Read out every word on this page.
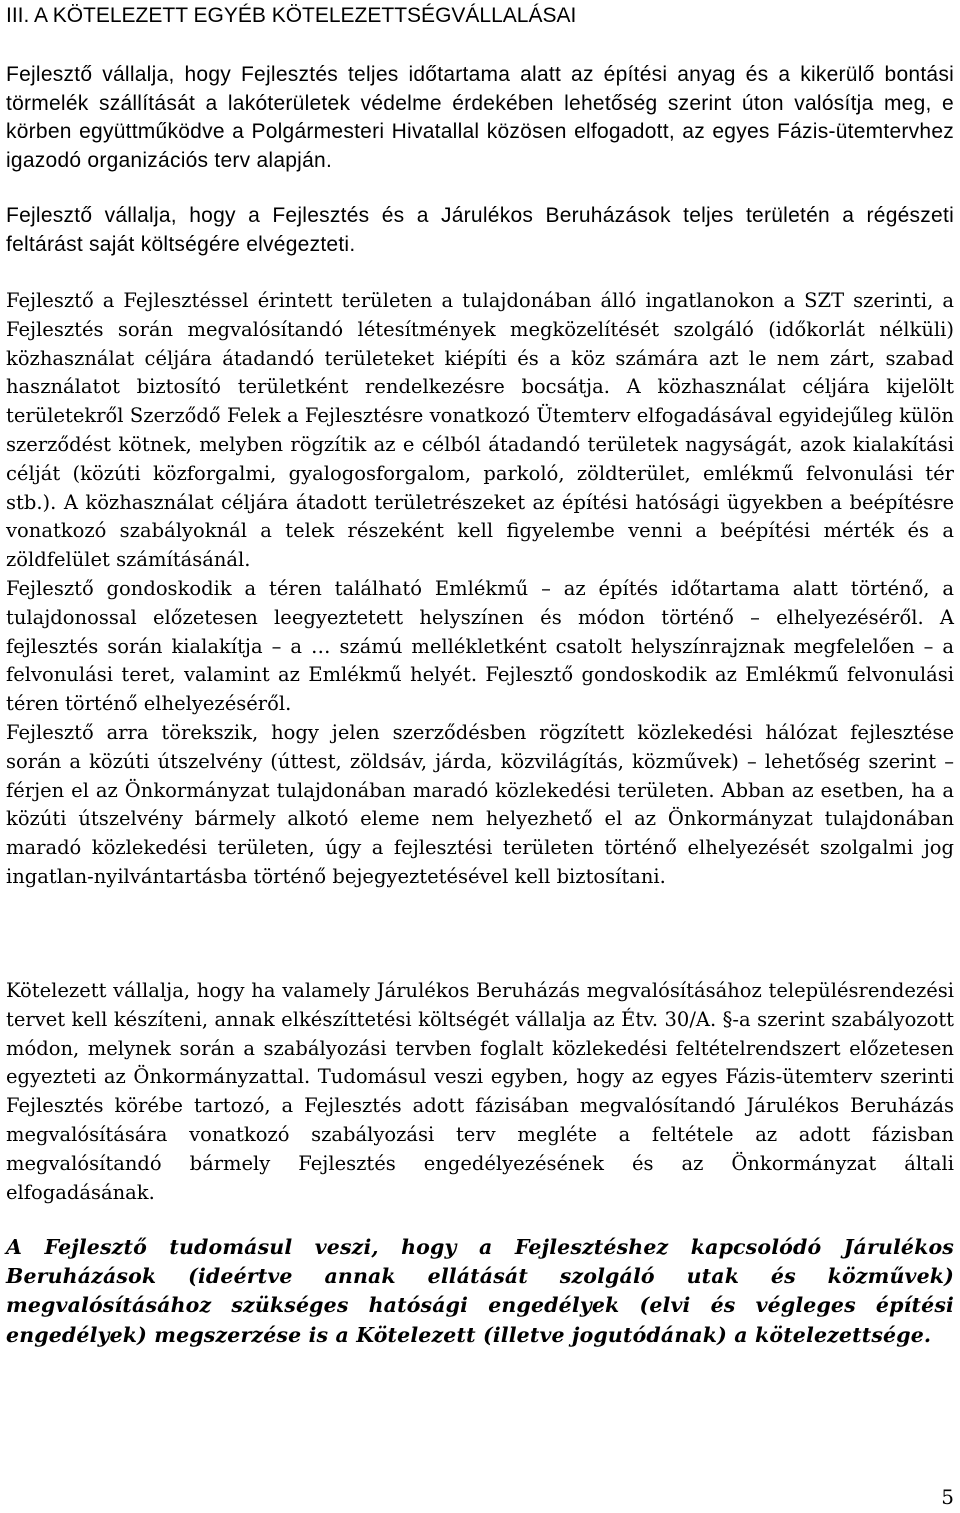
III. A KÖTELEZETT EGYÉB KÖTELEZETTSÉGVÁLLALÁSAI

Fejlesztő vállalja, hogy Fejlesztés teljes időtartama alatt az építési anyag és a kikerülő bontási törmelék szállítását a lakóterületek védelme érdekében lehetőség szerint úton valósítja meg, e körben együttműködve a Polgármesteri Hivatallal közösen elfogadott, az egyes Fázis-ütemtervhez igazodó organizációs terv alapján.

Fejlesztő vállalja, hogy a Fejlesztés és a Járulékos Beruházások teljes területén a régészeti feltárást saját költségére elvégezteti.

Fejlesztő a Fejlesztéssel érintett területen a tulajdonában álló ingatlanokon a SZT szerinti, a Fejlesztés során megvalósítandó létesítmények megközelítését szolgáló (időkorlát nélküli) közhasználat céljára átadandó területeket kiépíti és a köz számára azt le nem zárt, szabad használatot biztosító területként rendelkezésre bocsátja. A közhasználat céljára kijelölt területekről Szerződő Felek a Fejlesztésre vonatkozó Ütemterv elfogadásával egyidejűleg külön szerződést kötnek, melyben rögzítik az e célból átadandó területek nagyságát, azok kialakítási célját (közúti közforgalmi, gyalogosforgalom, parkoló, zöldterület, emlékmű felvonulási tér stb.). A közhasználat céljára átadott területrészeket az építési hatósági ügyekben a beépítésre vonatkozó szabályoknál a telek részeként kell figyelembe venni a beépítési mérték és a zöldfelület számításánál.
Fejlesztő gondoskodik a téren található Emlékmű – az építés időtartama alatt történő, a tulajdonossal előzetesen leegyeztetett helyszínen és módon történő – elhelyezéséről. A fejlesztés során kialakítja – a … számú mellékletként csatolt helyszínrajznak megfelelően – a felvonulási teret, valamint az Emlékmű helyét. Fejlesztő gondoskodik az Emlékmű felvonulási téren történő elhelyezéséről.
Fejlesztő arra törekszik, hogy jelen szerződésben rögzített közlekedési hálózat fejlesztése során a közúti útszelvény (úttest, zöldsáv, járda, közvilágítás, közművek) – lehetőség szerint – férjen el az Önkormányzat tulajdonában maradó közlekedési területen. Abban az esetben, ha a közúti útszelvény bármely alkotó eleme nem helyezhető el az Önkormányzat tulajdonában maradó közlekedési területen, úgy a fejlesztési területen történő elhelyezését szolgalmi jog ingatlan-nyilvántartásba történő bejegyeztetésével kell biztosítani.

Kötelezett vállalja, hogy ha valamely Járulékos Beruházás megvalósításához településrendezési tervet kell készíteni, annak elkészíttetési költségét vállalja az Étv. 30/A. §-a szerint szabályozott módon, melynek során a szabályozási tervben foglalt közlekedési feltételrendszert előzetesen egyezteti az Önkormányzattal. Tudomásul veszi egyben, hogy az egyes Fázis-ütemterv szerinti Fejlesztés körébe tartozó, a Fejlesztés adott fázisában megvalósítandó Járulékos Beruházás megvalósítására vonatkozó szabályozási terv megléte a feltétele az adott fázisban megvalósítandó bármely Fejlesztés engedélyezésének és az Önkormányzat általi elfogadásának.

A Fejlesztő tudomásul veszi, hogy a Fejlesztéshez kapcsolódó Járulékos Beruházások (ideértve annak ellátását szolgáló utak és közművek) megvalósításához szükséges hatósági engedélyek (elvi és végleges építési engedélyek) megszerzése is a Kötelezett (illetve jogutódának) a kötelezettsége.

5
